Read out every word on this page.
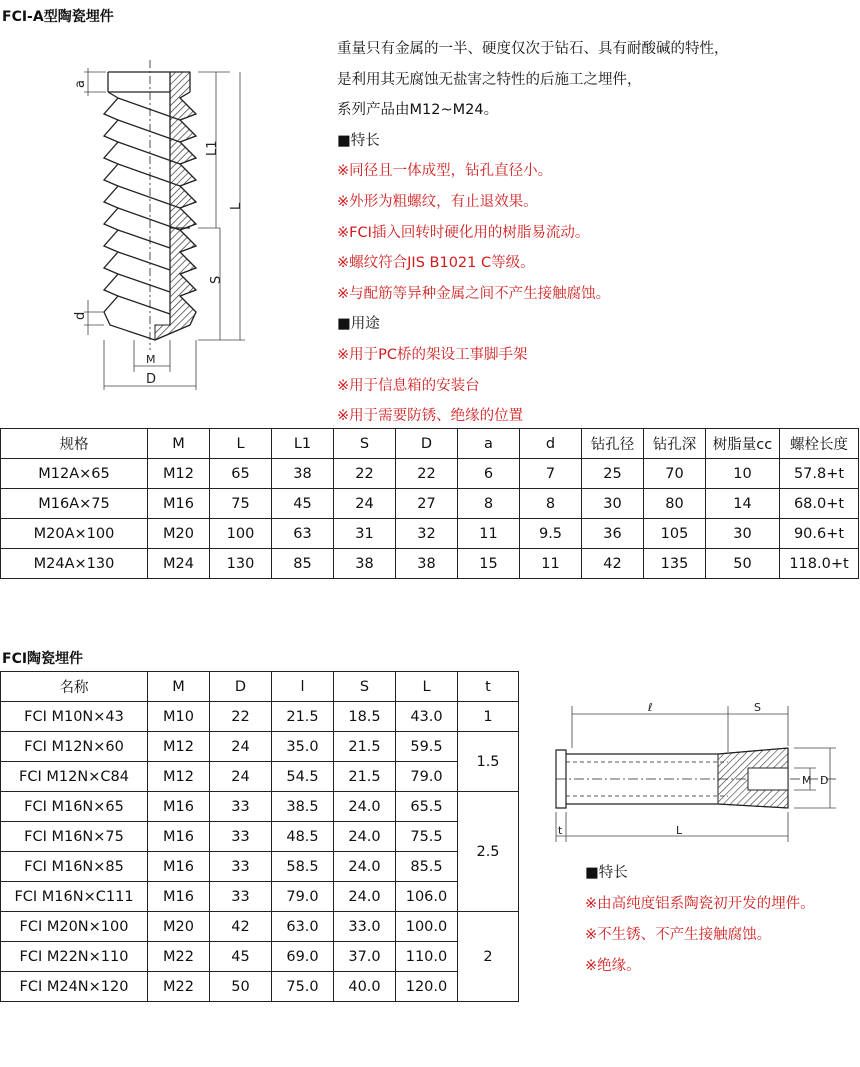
FCI-A型陶瓷埋件
a
L1
L
S
d
M
D
重量只有金属的一半、硬度仅次于钻石、具有耐酸碱的特性，
是利用其无腐蚀无盐害之特性的后施工之埋件，
系列产品由M12~M24。
■特长
※同径且一体成型，钻孔直径小。
※外形为粗螺纹，有止退效果。
※FCI插入回转时硬化用的树脂易流动。
※螺纹符合JIS B1021 C等级。
※与配筋等异种金属之间不产生接触腐蚀。
■用途
※用于PC桥的架设工事脚手架
※用于信息箱的安装台
※用于需要防锈、绝缘的位置
规格	M	L	L1	S	D	a	d	钻孔径	钻孔深	树脂量cc	螺栓长度
M12A×65	M12	65	38	22	22	6	7	25	70	10	57.8+t
M16A×75	M16	75	45	24	27	8	8	30	80	14	68.0+t
M20A×100	M20	100	63	31	32	11	9.5	36	105	30	90.6+t
M24A×130	M24	130	85	38	38	15	11	42	135	50	118.0+t
FCI陶瓷埋件
名称	M	D	l	S	L	t
FCI M10N×43	M10	22	21.5	18.5	43.0	1
FCI M12N×60	M12	24	35.0	21.5	59.5	1.5
FCI M12N×C84	M12	24	54.5	21.5	79.0	
FCI M16N×65	M16	33	38.5	24.0	65.5	2.5
FCI M16N×75	M16	33	48.5	24.0	75.5	
FCI M16N×85	M16	33	58.5	24.0	85.5	
FCI M16N×C111	M16	33	79.0	24.0	106.0	
FCI M20N×100	M20	42	63.0	33.0	100.0	2
FCI M22N×110	M22	45	69.0	37.0	110.0	
FCI M24N×120	M22	50	75.0	40.0	120.0	
ℓ	S
M D
t	L
■特长
※由高纯度铝系陶瓷初开发的埋件。
※不生锈、不产生接触腐蚀。
※绝缘。
